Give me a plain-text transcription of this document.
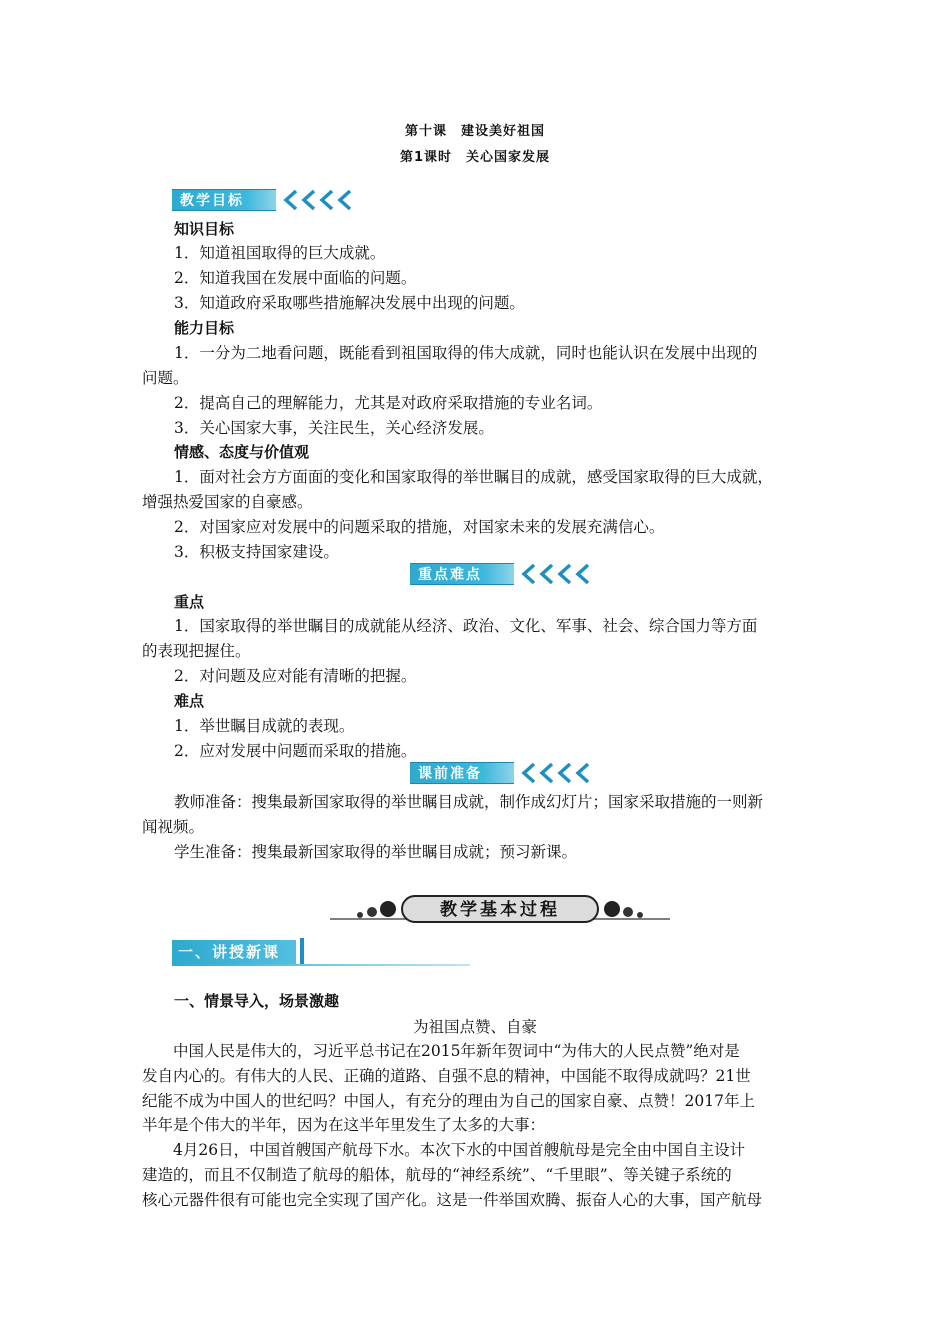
第十课　建设美好祖国
第1课时　关心国家发展
教学目标
知识目标
1．知道祖国取得的巨大成就。
2．知道我国在发展中面临的问题。
3．知道政府采取哪些措施解决发展中出现的问题。
能力目标
1．一分为二地看问题，既能看到祖国取得的伟大成就，同时也能认识在发展中出现的
问题。
2．提高自己的理解能力，尤其是对政府采取措施的专业名词。
3．关心国家大事，关注民生，关心经济发展。
情感、态度与价值观
1．面对社会方方面面的变化和国家取得的举世瞩目的成就，感受国家取得的巨大成就，
增强热爱国家的自豪感。
2．对国家应对发展中的问题采取的措施，对国家未来的发展充满信心。
3．积极支持国家建设。
重点难点
重点
1．国家取得的举世瞩目的成就能从经济、政治、文化、军事、社会、综合国力等方面
的表现把握住。
2．对问题及应对能有清晰的把握。
难点
1．举世瞩目成就的表现。
2．应对发展中问题而采取的措施。
课前准备
教师准备：搜集最新国家取得的举世瞩目成就，制作成幻灯片；国家采取措施的一则新
闻视频。
学生准备：搜集最新国家取得的举世瞩目成就；预习新课。
教学基本过程
一、讲授新课
一、情景导入，场景激趣
为祖国点赞、自豪
　　中国人民是伟大的，习近平总书记在2015年新年贺词中“为伟大的人民点赞”绝对是
发自内心的。有伟大的人民、正确的道路、自强不息的精神，中国能不取得成就吗？21世
纪能不成为中国人的世纪吗？中国人，有充分的理由为自己的国家自豪、点赞！2017年上
半年是个伟大的半年，因为在这半年里发生了太多的大事：
　　4月26日，中国首艘国产航母下水。本次下水的中国首艘航母是完全由中国自主设计
建造的，而且不仅制造了航母的船体，航母的“神经系统”、“千里眼”、等关键子系统的
核心元器件很有可能也完全实现了国产化。这是一件举国欢腾、振奋人心的大事，国产航母
